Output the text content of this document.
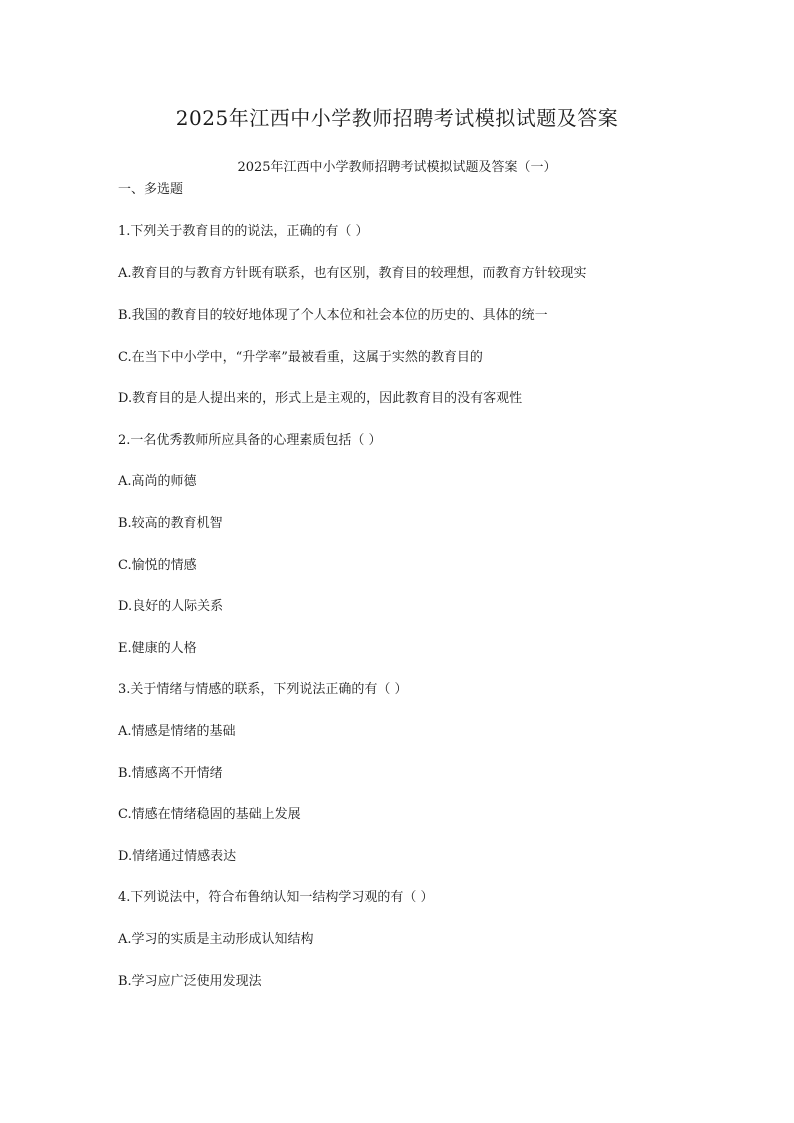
2025年江西中小学教师招聘考试模拟试题及答案
2025年江西中小学教师招聘考试模拟试题及答案（一）
一、多选题
1.下列关于教育目的的说法，正确的有（ ）
A.教育目的与教育方针既有联系，也有区别，教育目的较理想，而教育方针较现实
B.我国的教育目的较好地体现了个人本位和社会本位的历史的、具体的统一
C.在当下中小学中，“升学率”最被看重，这属于实然的教育目的
D.教育目的是人提出来的，形式上是主观的，因此教育目的没有客观性
2.一名优秀教师所应具备的心理素质包括（ ）
A.高尚的师德
B.较高的教育机智
C.愉悦的情感
D.良好的人际关系
E.健康的人格
3.关于情绪与情感的联系，下列说法正确的有（ ）
A.情感是情绪的基础
B.情感离不开情绪
C.情感在情绪稳固的基础上发展
D.情绪通过情感表达
4.下列说法中，符合布鲁纳认知一结构学习观的有（ ）
A.学习的实质是主动形成认知结构
B.学习应广泛使用发现法
